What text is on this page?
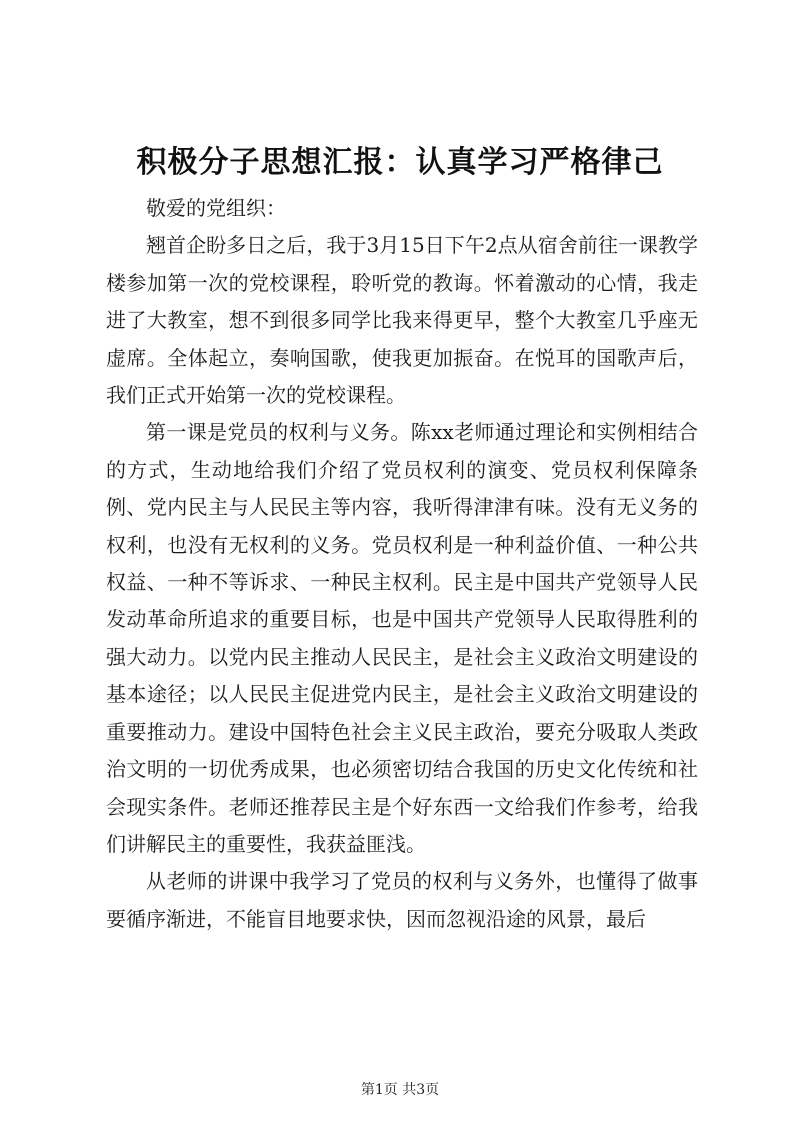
积极分子思想汇报：认真学习严格律己

敬爱的党组织：

翘首企盼多日之后，我于3月15日下午2点从宿舍前往一课教学楼参加第一次的党校课程，聆听党的教诲。怀着激动的心情，我走进了大教室，想不到很多同学比我来得更早，整个大教室几乎座无虚席。全体起立，奏响国歌，使我更加振奋。在悦耳的国歌声后，我们正式开始第一次的党校课程。

第一课是党员的权利与义务。陈xx老师通过理论和实例相结合的方式，生动地给我们介绍了党员权利的演变、党员权利保障条例、党内民主与人民民主等内容，我听得津津有味。没有无义务的权利，也没有无权利的义务。党员权利是一种利益价值、一种公共权益、一种不等诉求、一种民主权利。民主是中国共产党领导人民发动革命所追求的重要目标，也是中国共产党领导人民取得胜利的强大动力。以党内民主推动人民民主，是社会主义政治文明建设的基本途径；以人民民主促进党内民主，是社会主义政治文明建设的重要推动力。建设中国特色社会主义民主政治，要充分吸取人类政治文明的一切优秀成果，也必须密切结合我国的历史文化传统和社会现实条件。老师还推荐民主是个好东西一文给我们作参考，给我们讲解民主的重要性，我获益匪浅。

从老师的讲课中我学习了党员的权利与义务外，也懂得了做事要循序渐进，不能盲目地要求快，因而忽视沿途的风景，最后

第1页 共3页
